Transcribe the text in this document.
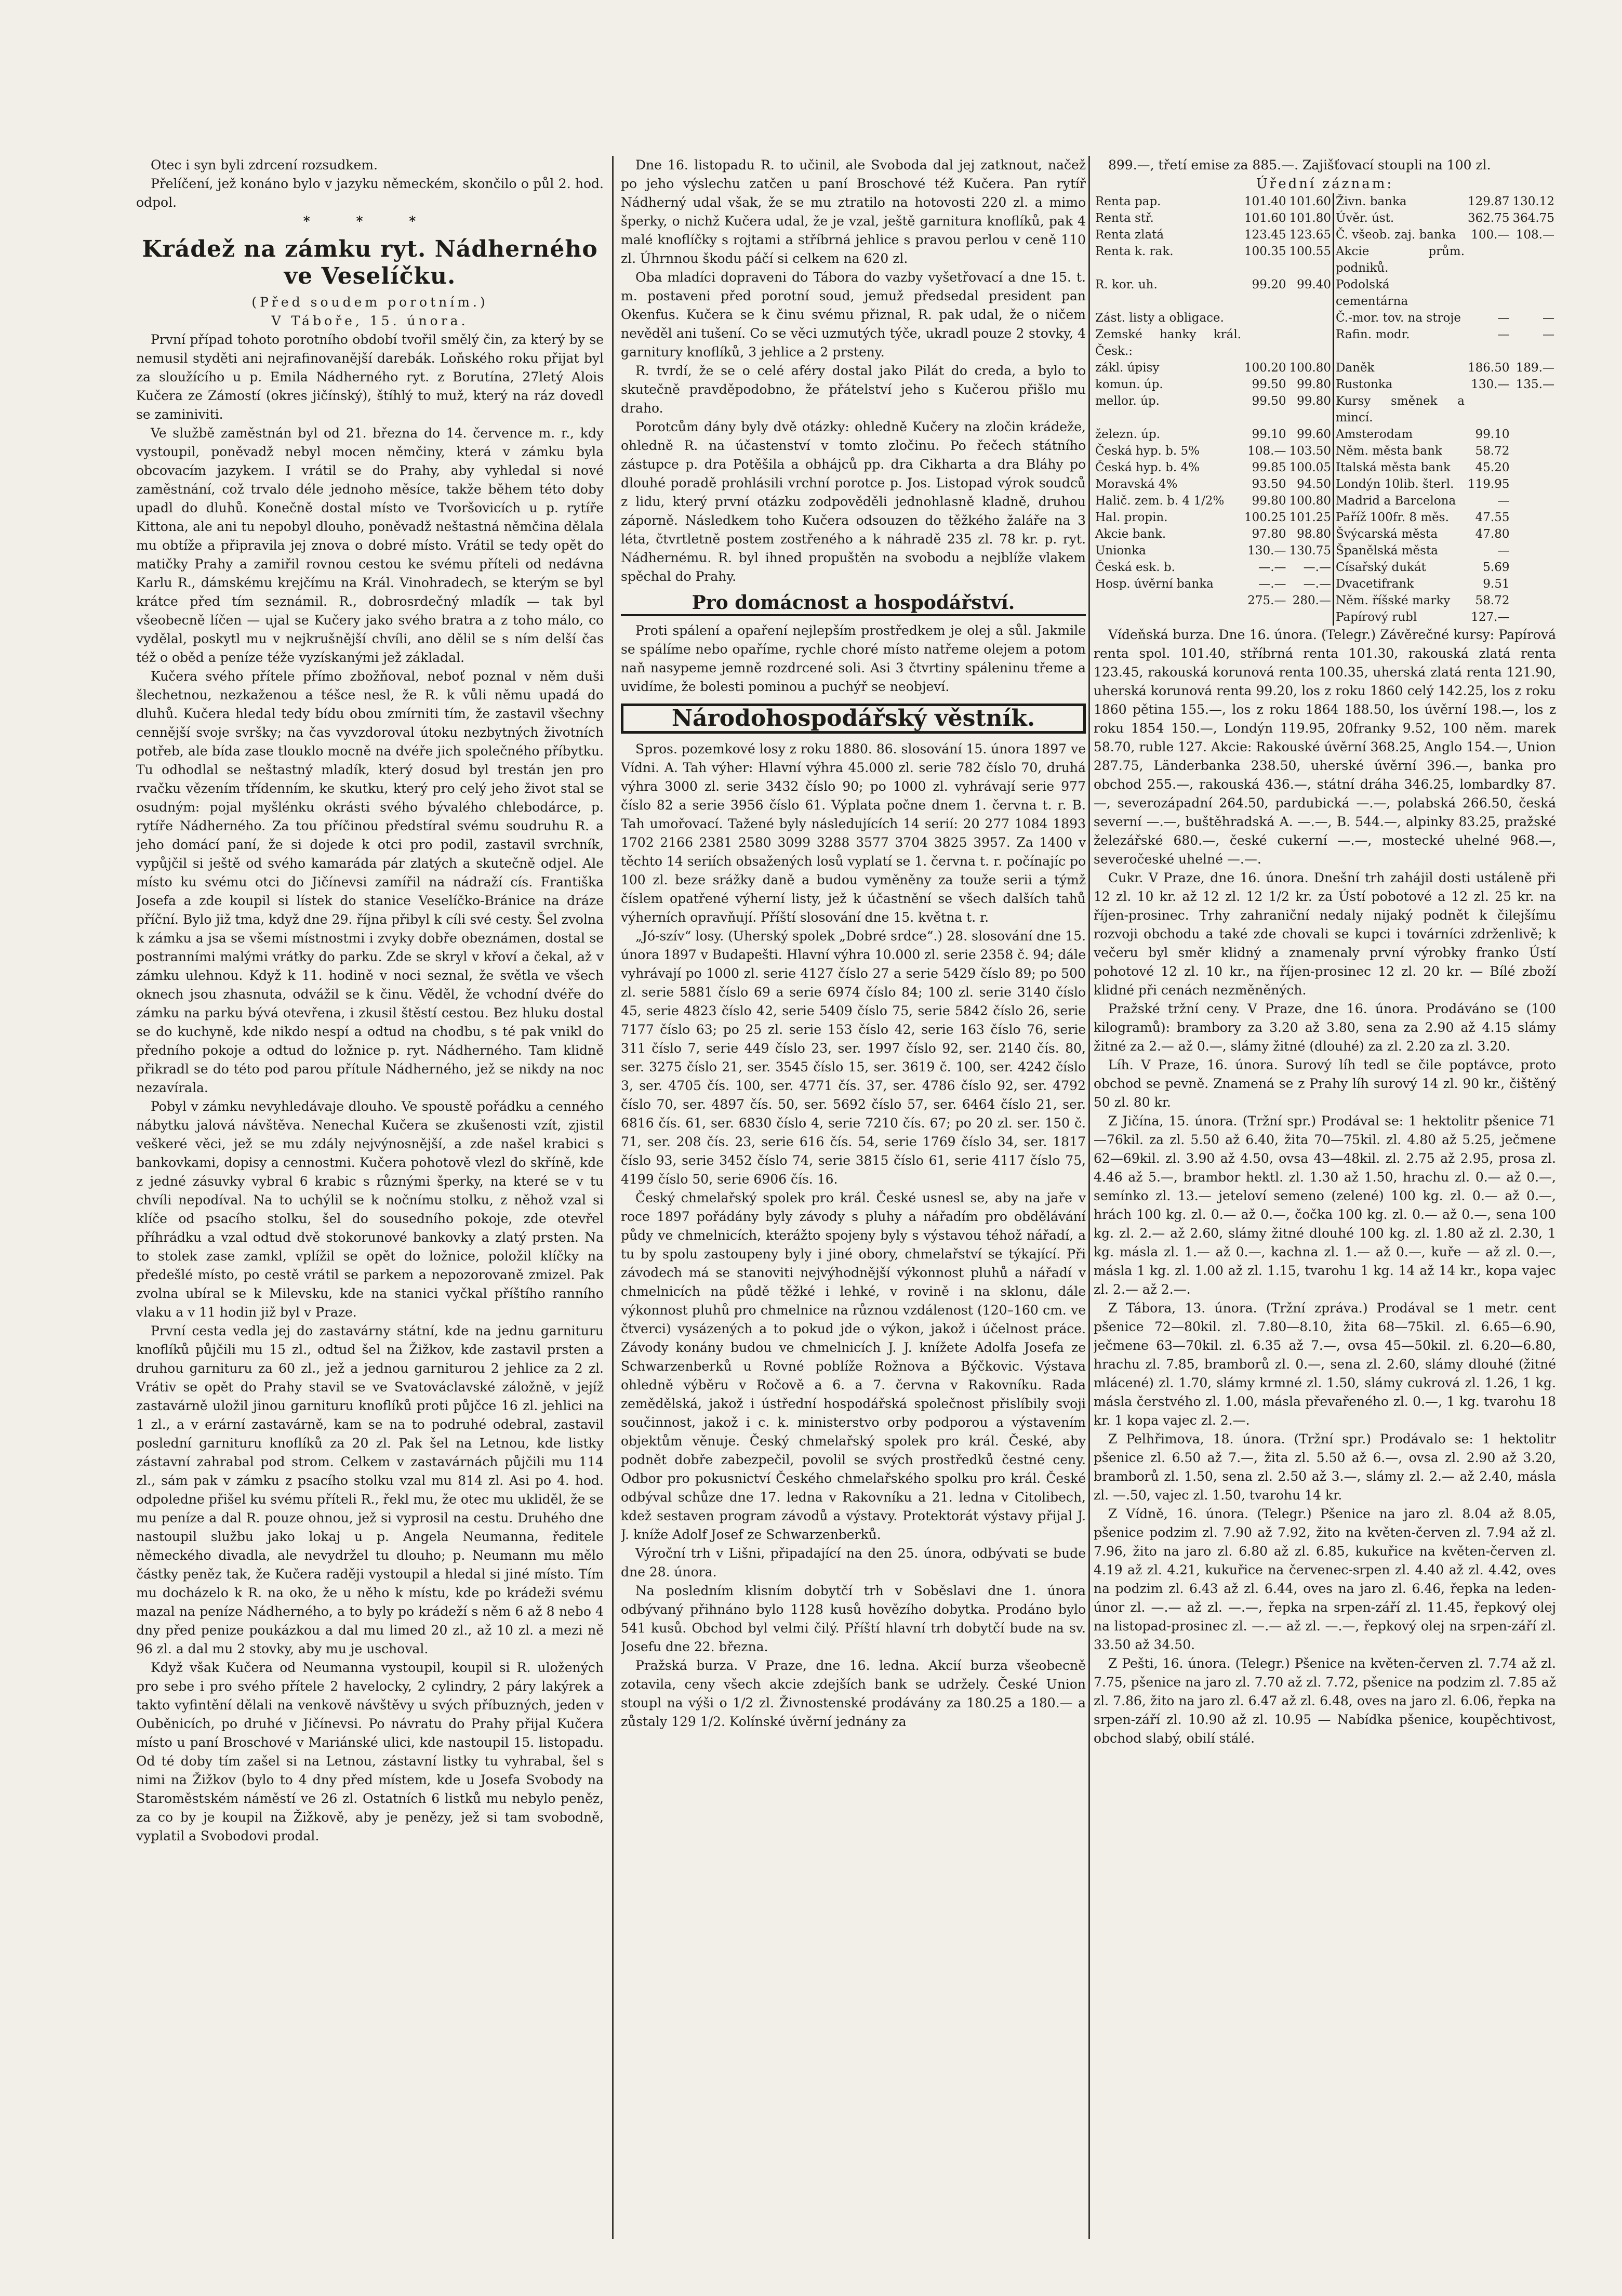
Otec i syn byli zdrcení rozsudkem.

Přelíčení, jež konáno bylo v jazyku německém, skončilo o půl 2. hod. odpol.

* * *
Krádež na zámku ryt. Nádherného ve Veselíčku.
(Před soudem porotním.)
V Táboře, 15. února.

První případ tohoto porotního období tvořil smělý čin, za který by se nemusil styděti ani nejrafinovanější darebák. Loňského roku přijat byl za sloužícího u p. Emila Nádherného ryt. z Borutína, 27letý Alois Kučera ze Zámostí (okres jičínský), štíhlý to muž, který na ráz dovedl se zaminiviti.

Ve službě zaměstnán byl od 21. března do 14. července m. r., kdy vystoupil, poněvadž nebyl mocen němčiny, která v zámku byla obcovacím jazykem. I vrátil se do Prahy, aby vyhledal si nové zaměstnání, což trvalo déle jednoho měsíce, takže během této doby upadl do dluhů. Konečně dostal místo ve Tvoršovicích u p. rytíře Kittona, ale ani tu nepobyl dlouho, poněvadž neštastná němčina dělala mu obtíže a připravila jej znova o dobré místo. Vrátil se tedy opět do matičky Prahy a zamiřil rovnou cestou ke svému příteli od nedávna Karlu R., dámskému krejčímu na Král. Vinohradech, se kterým se byl krátce před tím seznámil. R., dobrosrdečný mladík — tak byl všeobecně líčen — ujal se Kučery jako svého bratra a z toho málo, co vydělal, poskytl mu v nejkrušnější chvíli, ano dělil se s ním delší čas též o oběd a peníze téže vyzískanými jež základal.

Kučera svého přítele přímo zbožňoval, neboť poznal v něm duši šlechetnou, nezkaženou a téšce nesl, že R. k vůli němu upadá do dluhů. Kučera hledal tedy bídu obou zmírniti tím, že zastavil všechny cennější svoje svršky; na čas vyvzdoroval útoku nezbytných životních potřeb, ale bída zase tlouklo mocně na dvéře jich společného příbytku. Tu odhodlal se neštastný mladík, který dosud byl trestán jen pro rvačku vězením třídenním, ke skutku, který pro celý jeho život stal se osudným: pojal myšlénku okrásti svého bývalého chlebodárce, p. rytíře Nádherného. Za tou příčinou předstíral svému soudruhu R. a jeho domácí paní, že si dojede k otci pro podil, zastavil svrchník, vypůjčil si ještě od svého kamaráda pár zlatých a skutečně odjel. Ale místo ku svému otci do Jičínevsi zamířil na nádraží cís. Františka Josefa a zde koupil si lístek do stanice Veselíčko-Bránice na dráze příční. Bylo již tma, když dne 29. října přibyl k cíli své cesty. Šel zvolna k zámku a jsa se všemi místnostmi i zvyky dobře obeznámen, dostal se postranními malými vrátky do parku. Zde se skryl v křoví a čekal, až v zámku ulehnou. Když k 11. hodině v noci seznal, že světla ve všech oknech jsou zhasnuta, odvážil se k činu. Věděl, že vchodní dvéře do zámku na parku bývá otevřena, i zkusil štěstí cestou. Bez hluku dostal se do kuchyně, kde nikdo nespí a odtud na chodbu, s té pak vnikl do předního pokoje a odtud do ložnice p. ryt. Nádherného. Tam klidně přikradl se do této pod parou přítule Nádherného, jež se nikdy na noc nezavírala.

Pobyl v zámku nevyhledávaje dlouho. Ve spoustě pořádku a cenného nábytku jalová návštěva. Nenechal Kučera se zkušenosti vzít, zjistil veškeré věci, jež se mu zdály nejvýnosnější, a zde našel krabici s bankovkami, dopisy a cennostmi. Kučera pohotově vlezl do skříně, kde z jedné zásuvky vybral 6 krabic s různými šperky, na které se v tu chvíli nepodíval. Na to uchýlil se k nočnímu stolku, z něhož vzal si klíče od psacího stolku, šel do sousedního pokoje, zde otevřel příhrádku a vzal odtud dvě stokorunové bankovky a zlatý prsten. Na to stolek zase zamkl, vplížil se opět do ložnice, položil klíčky na předešlé místo, po cestě vrátil se parkem a nepozorovaně zmizel. Pak zvolna ubíral se k Milevsku, kde na stanici vyčkal příštího ranního vlaku a v 11 hodin již byl v Praze.

První cesta vedla jej do zastavárny státní, kde na jednu garnituru knoflíků půjčili mu 15 zl., odtud šel na Žižkov, kde zastavil prsten a druhou garnituru za 60 zl., jež a jednou garniturou 2 jehlice za 2 zl. Vrátiv se opět do Prahy stavil se ve Svatováclavské záložně, v jejíž zastavárně uložil jinou garnituru knoflíků proti půjčce 16 zl. jehlici na 1 zl., a v erární zastavárně, kam se na to podruhé odebral, zastavil poslední garnituru knoflíků za 20 zl. Pak šel na Letnou, kde listky zástavní zahrabal pod strom. Celkem v zastavárnách půjčili mu 114 zl., sám pak v zámku z psacího stolku vzal mu 814 zl. Asi po 4. hod. odpoledne přišel ku svému příteli R., řekl mu, že otec mu ukliděl, že se mu peníze a dal R. pouze ohnou, jež si vyprosil na cestu. Druhého dne nastoupil službu jako lokaj u p. Angela Neumanna, ředitele německého divadla, ale nevydržel tu dlouho; p. Neumann mu mělo částky peněz tak, že Kučera raději vystoupil a hledal si jiné místo. Tím mu docházelo k R. na oko, že u něho k místu, kde po krádeži svému mazal na peníze Nádherného, a to byly po krádeží s něm 6 až 8 nebo 4 dny před penize poukázkou a dal mu limed 20 zl., až 10 zl. a mezi ně 96 zl. a dal mu 2 stovky, aby mu je uschoval.

Když však Kučera od Neumanna vystoupil, koupil si R. uložených pro sebe i pro svého přítele 2 havelocky, 2 cylindry, 2 páry lakýrek a takto vyfintění dělali na venkově návštěvy u svých příbuzných, jeden v Ouběnicích, po druhé v Jičínevsi. Po návratu do Prahy přijal Kučera místo u paní Broschové v Mariánské ulici, kde nastoupil 15. listopadu. Od té doby tím zašel si na Letnou, zástavní listky tu vyhrabal, šel s nimi na Žižkov (bylo to 4 dny před místem, kde u Josefa Svobody na Staroměstském náměstí ve 26 zl. Ostatních 6 listků mu nebylo peněz, za co by je koupil na Žižkově, aby je penězy, jež si tam svobodně, vyplatil a Svobodovi prodal.

Dne 16. listopadu R. to učinil, ale Svoboda dal jej zatknout, načež po jeho výslechu zatčen u paní Broschové též Kučera. Pan rytíř Nádherný udal však, že se mu ztratilo na hotovosti 220 zl. a mimo šperky, o nichž Kučera udal, že je vzal, ještě garnitura knoflíků, pak 4 malé knoflíčky s rojtami a stříbrná jehlice s pravou perlou v ceně 110 zl. Úhrnnou škodu páčí si celkem na 620 zl.

Oba mladíci dopraveni do Tábora do vazby vyšetřovací a dne 15. t. m. postaveni před porotní soud, jemuž předsedal president pan Okenfus. Kučera se k činu svému přiznal, R. pak udal, že o ničem nevěděl ani tušení. Co se věci uzmutých týče, ukradl pouze 2 stovky, 4 garnitury knoflíků, 3 jehlice a 2 prsteny.

R. tvrdí, že se o celé aféry dostal jako Pilát do creda, a bylo to skutečně pravděpodobno, že přátelství jeho s Kučerou přišlo mu draho.

Porotcům dány byly dvě otázky: ohledně Kučery na zločin krádeže, ohledně R. na účastenství v tomto zločinu. Po řečech státního zástupce p. dra Potěšila a obhájců pp. dra Cikharta a dra Bláhy po dlouhé poradě prohlásili vrchní porotce p. Jos. Listopad výrok soudců z lidu, který první otázku zodpověděli jednohlasně kladně, druhou záporně. Následkem toho Kučera odsouzen do těžkého žaláře na 3 léta, čtvrtletně postem zostřeného a k náhradě 235 zl. 78 kr. p. ryt. Nádhernému. R. byl ihned propuštěn na svobodu a nejblíže vlakem spěchal do Prahy.

Pro domácnost a hospodářství.

Proti spálení a opaření nejlepším prostředkem je olej a sůl. Jakmile se spálíme nebo opaříme, rychle choré místo natřeme olejem a potom naň nasypeme jemně rozdrcené soli. Asi 3 čtvrtiny spáleninu třeme a uvidíme, že bolesti pominou a puchýř se neobjeví.

Národohospodářský věstník.

Spros. pozemkové losy z roku 1880. 86. slosování 15. února 1897 ve Vídni. A. Tah výher: Hlavní výhra 45.000 zl. serie 782 číslo 70, druhá výhra 3000 zl. serie 3432 číslo 90; po 1000 zl. vyhrávají serie 977 číslo 82 a serie 3956 číslo 61. Výplata počne dnem 1. června t. r. B. Tah umořovací. Tažené byly následujících 14 serií: 20 277 1084 1893 1702 2166 2381 2580 3099 3288 3577 3704 3825 3957. Za 1400 v těchto 14 seriích obsažených losů vyplatí se 1. června t. r. počínajíc po 100 zl. beze srážky daně a budou vyměněny za touže serii a týmž číslem opatřené výherní listy, jež k účastnění se všech dalších tahů výherních opravňují. Příští slosování dne 15. května t. r.

„Jó-szív“ losy. (Uherský spolek „Dobré srdce“.) 28. slosování dne 15. února 1897 v Budapešti. Hlavní výhra 10.000 zl. serie 2358 č. 94; dále vyhrávají po 1000 zl. serie 4127 číslo 27 a serie 5429 číslo 89; po 500 zl. serie 5881 číslo 69 a serie 6974 číslo 84; 100 zl. serie 3140 číslo 45, serie 4823 číslo 42, serie 5409 číslo 75, serie 5842 číslo 26, serie 7177 číslo 63; po 25 zl. serie 153 číslo 42, serie 163 číslo 76, serie 311 číslo 7, serie 449 číslo 23, ser. 1997 číslo 92, ser. 2140 čís. 80, ser. 3275 číslo 21, ser. 3545 číslo 15, ser. 3619 č. 100, ser. 4242 číslo 3, ser. 4705 čís. 100, ser. 4771 čís. 37, ser. 4786 číslo 92, ser. 4792 číslo 70, ser. 4897 čís. 50, ser. 5692 číslo 57, ser. 6464 číslo 21, ser. 6816 čís. 61, ser. 6830 číslo 4, serie 7210 čís. 67; po 20 zl. ser. 150 č. 71, ser. 208 čís. 23, serie 616 čís. 54, serie 1769 číslo 34, ser. 1817 číslo 93, serie 3452 číslo 74, serie 3815 číslo 61, serie 4117 číslo 75, 4199 číslo 50, serie 6906 čís. 16.

Český chmelařský spolek pro král. České usnesl se, aby na jaře v roce 1897 pořádány byly závody s pluhy a nářadím pro obdělávání půdy ve chmelnicích, kterážto spojeny byly s výstavou téhož nářadí, a tu by spolu zastoupeny byly i jiné obory, chmelařství se týkající. Při závodech má se stanoviti nejvýhodnější výkonnost pluhů a nářadí v chmelnicích na půdě těžké i lehké, v rovině i na sklonu, dále výkonnost pluhů pro chmelnice na různou vzdálenost (120–160 cm. ve čtverci) vysázených a to pokud jde o výkon, jakož i účelnost práce. Závody konány budou ve chmelnicích J. J. knížete Adolfa Josefa ze Schwarzenberků u Rovné poblíže Rožnova a Býčkovic. Výstava ohledně výběru v Ročově a 6. a 7. června v Rakovníku. Rada zemědělská, jakož i ústřední hospodářská společnost přislíbily svoji součinnost, jakož i c. k. ministerstvo orby podporou a výstavením objektům věnuje. Český chmelařský spolek pro král. České, aby podnět dobře zabezpečil, povolil se svých prostředků čestné ceny. Odbor pro pokusnictví Českého chmelařského spolku pro král. České odbýval schůze dne 17. ledna v Rakovníku a 21. ledna v Citolibech, kdež sestaven program závodů a výstavy. Protektorát výstavy přijal J. J. kníže Adolf Josef ze Schwarzenberků.

Výroční trh v Lišni, připadající na den 25. února, odbývati se bude dne 28. února.

Na posledním klisním dobytčí trh v Soběslavi dne 1. února odbývaný přihnáno bylo 1128 kusů hovězího dobytka. Prodáno bylo 541 kusů. Obchod byl velmi čilý. Příští hlavní trh dobytčí bude na sv. Josefu dne 22. března.

Pražská burza. V Praze, dne 16. ledna. Akcií burza všeobecně zotavila, ceny všech akcie zdejších bank se udržely. České Union stoupl na výši o 1/2 zl. Živnostenské prodávány za 180.25 a 180.— a zůstaly 129 1/2. Kolínské úvěrní jednány za

899.—, třetí emise za 885.—. Zajišťovací stoupli na 100 zl.

Úřední záznam:
Renta pap.	101.40	101.60	Živn. banka	129.87	130.12
Renta stř.	101.60	101.80	Úvěr. úst.	362.75	364.75
Renta zlatá	123.45	123.65	Č. všeob. zaj. banka	100.—	108.—
Renta k. rak.	100.35	100.55	Akcie prům. podniků.		
R. kor. uh.	99.20	99.40	Podolská cementárna		
Zást. listy a obligace.			Č.-mor. tov. na stroje	—	—
Zemské hanky král. Česk.:			Rafin. modr.	—	—
zákl. úpisy	100.20	100.80	Daněk	186.50	189.—
komun. úp.	99.50	99.80	Rustonka	130.—	135.—
mellor. úp.	99.50	99.80	Kursy směnek a mincí.		
železn. úp.	99.10	99.60	Amsterodam	99.10	
Česká hyp. b. 5%	108.—	103.50	Něm. města bank	58.72	
Česká hyp. b. 4%	99.85	100.05	Italská města bank	45.20	
Moravská 4%	93.50	94.50	Londýn 10lib. šterl.	119.95	
Halič. zem. b. 4 1/2%	99.80	100.80	Madrid a Barcelona	—	
Hal. propin.	100.25	101.25	Paříž 100fr. 8 měs.	47.55	
Akcie bank.	97.80	98.80	Švýcarská města	47.80	
Unionka	130.—	130.75	Španělská města	—	
Česká esk. b.	—.—	—.—	Císařský dukát	5.69	
Hosp. úvěrní banka	—.—	—.—	Dvacetifrank	9.51	
	275.—	280.—	Něm. říšské marky	58.72	
			Papírový rubl	127.—	

Vídeňská burza. Dne 16. února. (Telegr.) Závěrečné kursy: Papírová renta spol. 101.40, stříbrná renta 101.30, rakouská zlatá renta 123.45, rakouská korunová renta 100.35, uherská zlatá renta 121.90, uherská korunová renta 99.20, los z roku 1860 celý 142.25, los z roku 1860 pětina 155.—, los z roku 1864 188.50, los úvěrní 198.—, los z roku 1854 150.—, Londýn 119.95, 20franky 9.52, 100 něm. marek 58.70, ruble 127. Akcie: Rakouské úvěrní 368.25, Anglo 154.—, Union 287.75, Länderbanka 238.50, uherské úvěrní 396.—, banka pro obchod 255.—, rakouská 436.—, státní dráha 346.25, lombardky 87.—, severozápadní 264.50, pardubická —.—, polabská 266.50, česká severní —.—, buštěhradská A. —.—, B. 544.—, alpinky 83.25, pražské železářské 680.—, české cukerní —.—, mostecké uhelné 968.—, severočeské uhelné —.—.

Cukr. V Praze, dne 16. února. Dnešní trh zahájil dosti ustáleně při 12 zl. 10 kr. až 12 zl. 12 1/2 kr. za Ústí pobotové a 12 zl. 25 kr. na říjen-prosinec. Trhy zahraniční nedaly nijaký podnět k čilejšímu rozvoji obchodu a také zde chovali se kupci i továrníci zdrženlivě; k večeru byl směr klidný a znamenaly první výrobky franko Ústí pohotové 12 zl. 10 kr., na říjen-prosinec 12 zl. 20 kr. — Bílé zboží klidné při cenách nezměněných.

Pražské tržní ceny. V Praze, dne 16. února. Prodáváno se (100 kilogramů): brambory za 3.20 až 3.80, sena za 2.90 až 4.15 slámy žitné za 2.— až 0.—, slámy žitné (dlouhé) za zl. 2.20 za zl. 3.20.

Líh. V Praze, 16. února. Surový líh tedl se čile poptávce, proto obchod se pevně. Znamená se z Prahy líh surový 14 zl. 90 kr., čištěný 50 zl. 80 kr.

Z Jičína, 15. února. (Tržní spr.) Prodával se: 1 hektolitr pšenice 71—76kil. za zl. 5.50 až 6.40, žita 70—75kil. zl. 4.80 až 5.25, ječmene 62—69kil. zl. 3.90 až 4.50, ovsa 43—48kil. zl. 2.75 až 2.95, prosa zl. 4.46 až 5.—, brambor hektl. zl. 1.30 až 1.50, hrachu zl. 0.— až 0.—, semínko zl. 13.— jeteloví semeno (zelené) 100 kg. zl. 0.— až 0.—, hrách 100 kg. zl. 0.— až 0.—, čočka 100 kg. zl. 0.— až 0.—, sena 100 kg. zl. 2.— až 2.60, slámy žitné dlouhé 100 kg. zl. 1.80 až zl. 2.30, 1 kg. másla zl. 1.— až 0.—, kachna zl. 1.— až 0.—, kuře — až zl. 0.—, másla 1 kg. zl. 1.00 až zl. 1.15, tvarohu 1 kg. 14 až 14 kr., kopa vajec zl. 2.— až 2.—.

Z Tábora, 13. února. (Tržní zpráva.) Prodával se 1 metr. cent pšenice 72—80kil. zl. 7.80—8.10, žita 68—75kil. zl. 6.65—6.90, ječmene 63—70kil. zl. 6.35 až 7.—, ovsa 45—50kil. zl. 6.20—6.80, hrachu zl. 7.85, bramborů zl. 0.—, sena zl. 2.60, slámy dlouhé (žitné mlácené) zl. 1.70, slámy krmné zl. 1.50, slámy cukrová zl. 1.26, 1 kg. másla čerstvého zl. 1.00, másla převařeného zl. 0.—, 1 kg. tvarohu 18 kr. 1 kopa vajec zl. 2.—.

Z Pelhřimova, 18. února. (Tržní spr.) Prodávalo se: 1 hektolitr pšenice zl. 6.50 až 7.—, žita zl. 5.50 až 6.—, ovsa zl. 2.90 až 3.20, bramborů zl. 1.50, sena zl. 2.50 až 3.—, slámy zl. 2.— až 2.40, másla zl. —.50, vajec zl. 1.50, tvarohu 14 kr.

Z Vídně, 16. února. (Telegr.) Pšenice na jaro zl. 8.04 až 8.05, pšenice podzim zl. 7.90 až 7.92, žito na květen-červen zl. 7.94 až zl. 7.96, žito na jaro zl. 6.80 až zl. 6.85, kukuřice na květen-červen zl. 4.19 až zl. 4.21, kukuřice na červenec-srpen zl. 4.40 až zl. 4.42, oves na podzim zl. 6.43 až zl. 6.44, oves na jaro zl. 6.46, řepka na leden-únor zl. —.— až zl. —.—, řepka na srpen-září zl. 11.45, řepkový olej na listopad-prosinec zl. —.— až zl. —.—, řepkový olej na srpen-září zl. 33.50 až 34.50.

Z Pešti, 16. února. (Telegr.) Pšenice na květen-červen zl. 7.74 až zl. 7.75, pšenice na jaro zl. 7.70 až zl. 7.72, pšenice na podzim zl. 7.85 až zl. 7.86, žito na jaro zl. 6.47 až zl. 6.48, oves na jaro zl. 6.06, řepka na srpen-září zl. 10.90 až zl. 10.95 — Nabídka pšenice, koupěchtivost, obchod slabý, obilí stálé.
